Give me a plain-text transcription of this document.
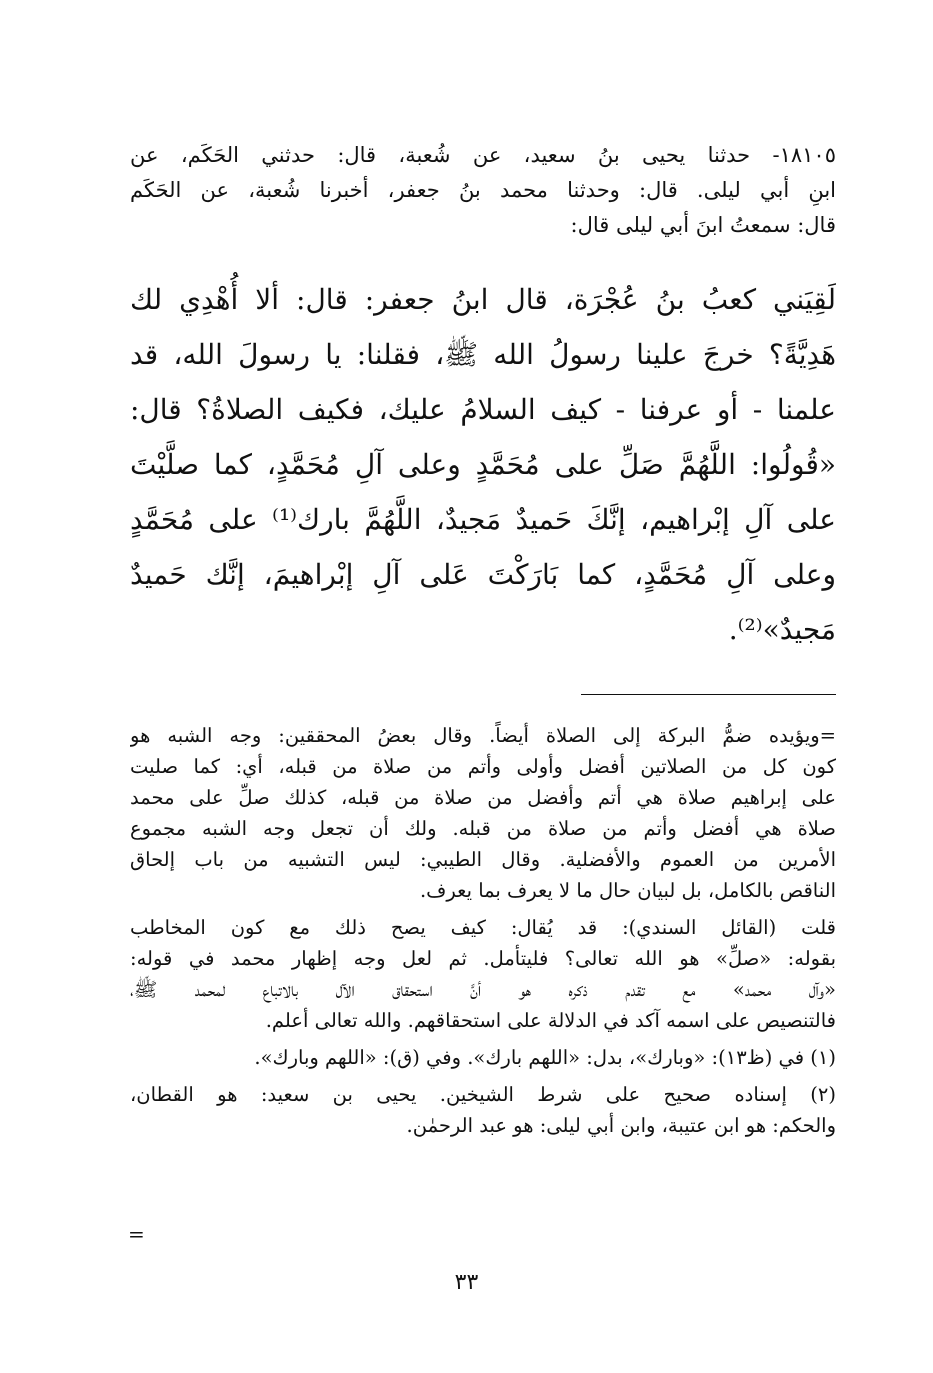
١٨١٠٥- حدثنا يحيى بنُ سعيد، عن شُعبة، قال: حدثني الحَكَم، عن
ابنِ أبي ليلى. قال: وحدثنا محمد بنُ جعفر، أخبرنا شُعبة، عن الحَكَم
قال: سمعتُ ابنَ أبي ليلى قال:
لَقِيَني كعبُ بنُ عُجْرَة، قال ابنُ جعفر: قال: ألا أُهْدِي لك
هَدِيَّةً؟ خرجَ علينا رسولُ الله ﷺ، فقلنا: يا رسولَ الله، قد
علمنا - أو عرفنا - كيف السلامُ عليك، فكيف الصلاةُ؟ قال:
«قُولُوا: اللَّهُمَّ صَلِّ على مُحَمَّدٍ وعلى آلِ مُحَمَّدٍ، كما صلَّيْتَ
على آلِ إبْراهيم، إنَّكَ حَميدٌ مَجيدٌ، اللَّهُمَّ بارك⁽¹⁾ على مُحَمَّدٍ
وعلى آلِ مُحَمَّدٍ، كما بَارَكْتَ عَلى آلِ إبْراهيمَ، إنَّك حَميدٌ
مَجيدٌ»⁽²⁾.
=ويؤيده ضمُّ البركة إلى الصلاة أيضاً. وقال بعضُ المحققين: وجه الشبه هو
كون كل من الصلاتين أفضل وأولى وأتم من صلاة من قبله، أي: كما صليت
على إبراهيم صلاة هي أتم وأفضل من صلاة من قبله، كذلك صلِّ على محمد
صلاة هي أفضل وأتم من صلاة من قبله. ولك أن تجعل وجه الشبه مجموع
الأمرين من العموم والأفضلية. وقال الطيبي: ليس التشبيه من باب إلحاق
الناقص بالكامل، بل لبيان حال ما لا يعرف بما يعرف.
قلت (القائل السندي): قد يُقال: كيف يصح ذلك مع كون المخاطب
بقوله: «صلِّ» هو الله تعالى؟ فليتأمل. ثم لعل وجه إظهار محمد في قوله:
«وآل محمد» مع تقدم ذكره هو أنَّ استحقاق الآل بالاتباع لمحمد ﷺ،
فالتنصيص على اسمه آكد في الدلالة على استحقاقهم. والله تعالى أعلم.
(١) في (ظ١٣): «وبارك»، بدل: «اللهم بارك». وفي (ق): «اللهم وبارك».
(٢) إسناده صحيح على شرط الشيخين. يحيى بن سعيد: هو القطان،
والحكم: هو ابن عتيبة، وابن أبي ليلى: هو عبد الرحمٰن.
=
٣٣
